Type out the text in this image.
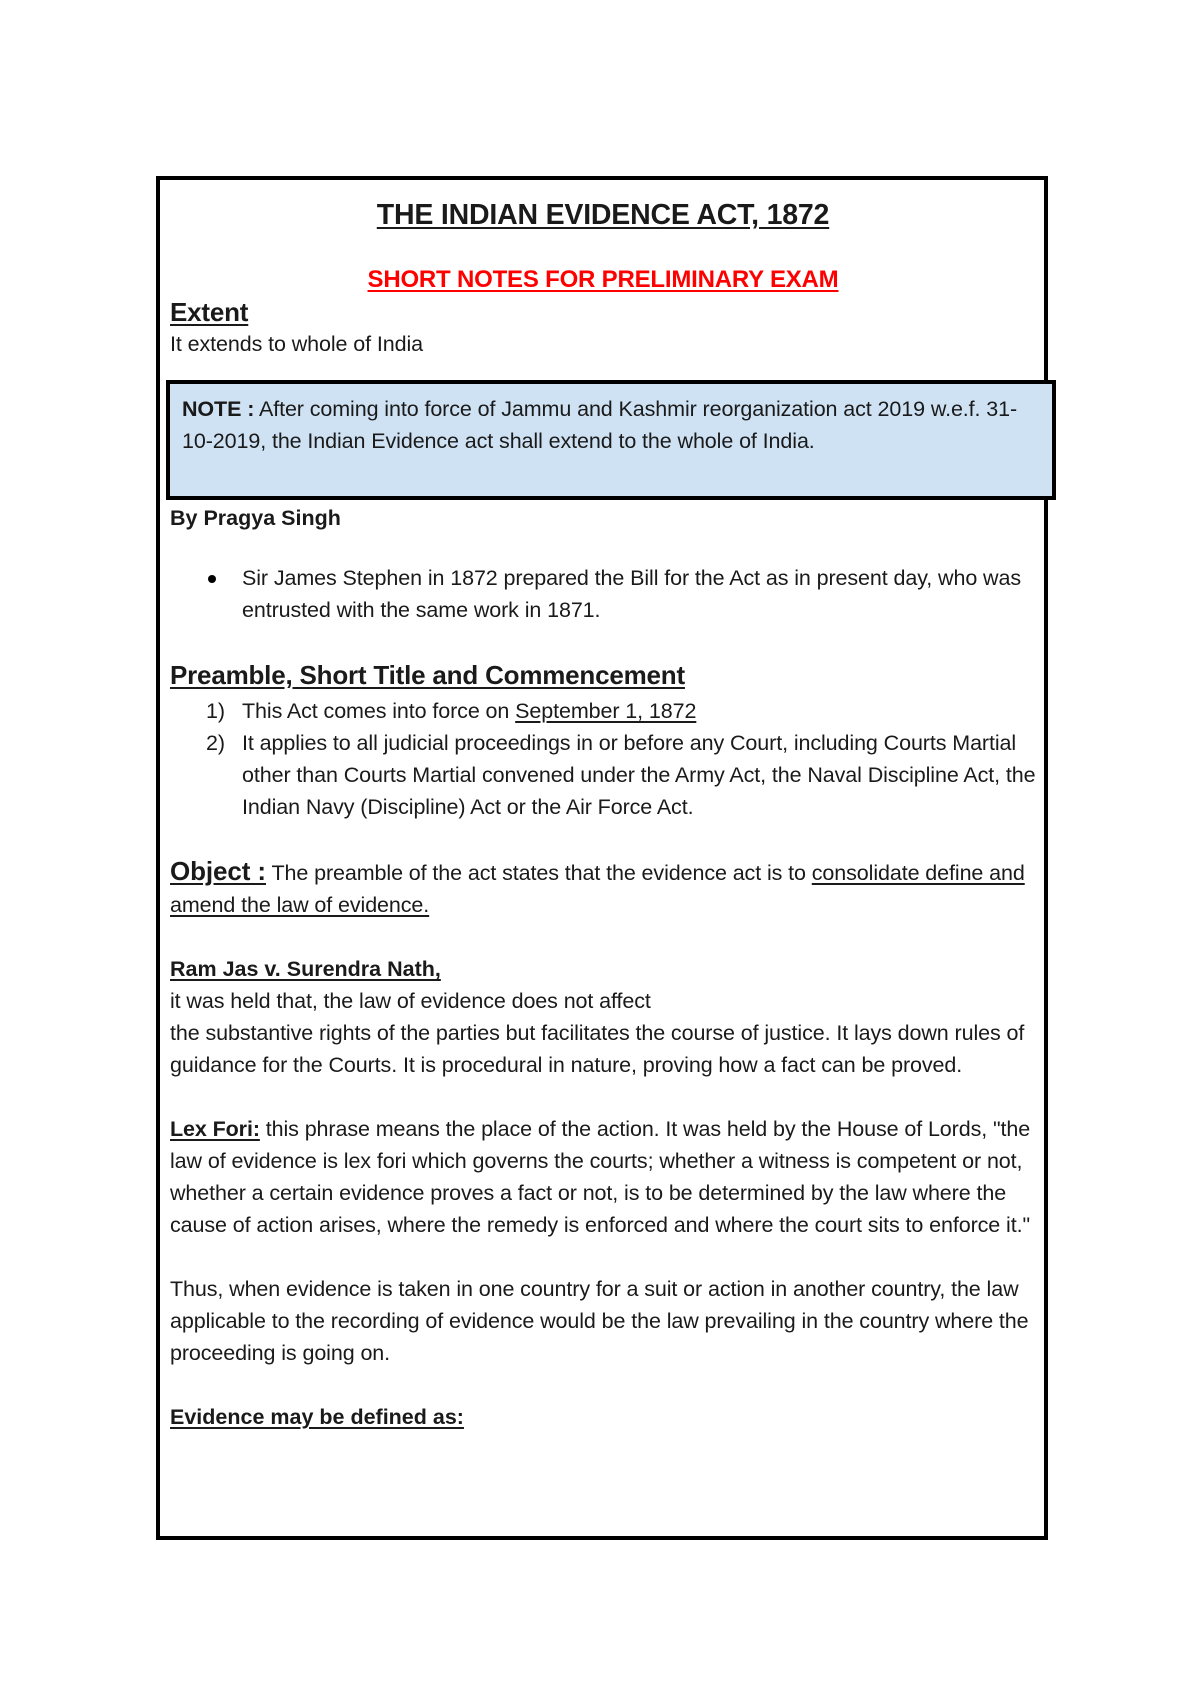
THE INDIAN EVIDENCE ACT, 1872
SHORT NOTES FOR PRELIMINARY EXAM
Extent

It extends to whole of India

NOTE : After coming into force of Jammu and Kashmir reorganization act 2019 w.e.f. 31-10-2019, the Indian Evidence act shall extend to the whole of India.

By Pragya Singh

Sir James Stephen in 1872 prepared the Bill for the Act as in present day, who was entrusted with the same work in 1871.
Preamble, Short Title and Commencement
1) This Act comes into force on September 1, 1872
2) It applies to all judicial proceedings in or before any Court, including Courts Martial other than Courts Martial convened under the Army Act, the Naval Discipline Act, the Indian Navy (Discipline) Act or the Air Force Act.
Object : The preamble of the act states that the evidence act is to consolidate define and amend the law of evidence.

Ram Jas v. Surendra Nath,

it was held that, the law of evidence does not affect

the substantive rights of the parties but facilitates the course of justice. It lays down rules of guidance for the Courts. It is procedural in nature, proving how a fact can be proved.

Lex Fori: this phrase means the place of the action. It was held by the House of Lords, "the law of evidence is lex fori which governs the courts; whether a witness is competent or not, whether a certain evidence proves a fact or not, is to be determined by the law where the cause of action arises, where the remedy is enforced and where the court sits to enforce it."

Thus, when evidence is taken in one country for a suit or action in another country, the law applicable to the recording of evidence would be the law prevailing in the country where the proceeding is going on.

Evidence may be defined as:
